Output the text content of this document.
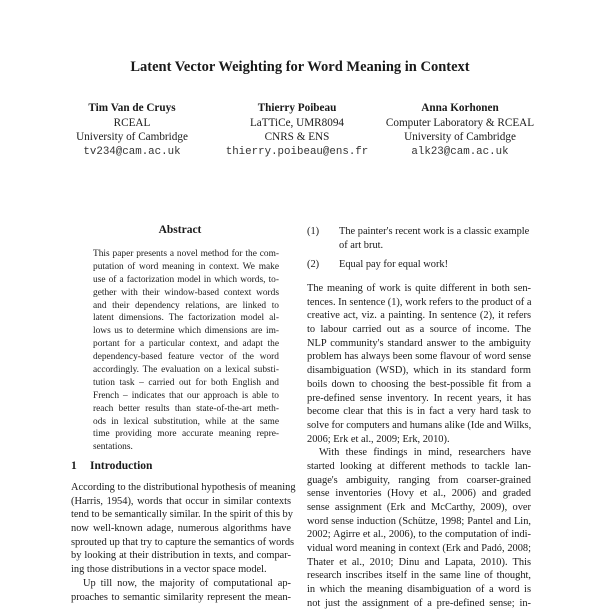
Latent Vector Weighting for Word Meaning in Context
Tim Van de Cruys
RCEAL
University of Cambridge
tv234@cam.ac.uk
Thierry Poibeau
LaTTiCe, UMR8094
CNRS & ENS
thierry.poibeau@ens.fr
Anna Korhonen
Computer Laboratory & RCEAL
University of Cambridge
alk23@cam.ac.uk
Abstract
This paper presents a novel method for the com-
putation of word meaning in context. We make
use of a factorization model in which words, to-
gether with their window-based context words
and their dependency relations, are linked to
latent dimensions. The factorization model al-
lows us to determine which dimensions are im-
portant for a particular context, and adapt the
dependency-based feature vector of the word
accordingly. The evaluation on a lexical substi-
tution task – carried out for both English and
French – indicates that our approach is able to
reach better results than state-of-the-art meth-
ods in lexical substitution, while at the same
time providing more accurate meaning repre-
sentations.
1 Introduction
According to the distributional hypothesis of meaning
(Harris, 1954), words that occur in similar contexts
tend to be semantically similar. In the spirit of this by
now well-known adage, numerous algorithms have
sprouted up that try to capture the semantics of words
by looking at their distribution in texts, and compar-
ing those distributions in a vector space model.
Up till now, the majority of computational ap-
proaches to semantic similarity represent the mean-
(1) The painter's recent work is a classic example
of art brut.
(2) Equal pay for equal work!
The meaning of work is quite different in both sen-
tences. In sentence (1), work refers to the product of a
creative act, viz. a painting. In sentence (2), it refers
to labour carried out as a source of income. The
NLP community's standard answer to the ambiguity
problem has always been some flavour of word sense
disambiguation (WSD), which in its standard form
boils down to choosing the best-possible fit from a
pre-defined sense inventory. In recent years, it has
become clear that this is in fact a very hard task to
solve for computers and humans alike (Ide and Wilks,
2006; Erk et al., 2009; Erk, 2010).
With these findings in mind, researchers have
started looking at different methods to tackle lan-
guage's ambiguity, ranging from coarser-grained
sense inventories (Hovy et al., 2006) and graded
sense assignment (Erk and McCarthy, 2009), over
word sense induction (Schütze, 1998; Pantel and Lin,
2002; Agirre et al., 2006), to the computation of indi-
vidual word meaning in context (Erk and Padó, 2008;
Thater et al., 2010; Dinu and Lapata, 2010). This
research inscribes itself in the same line of thought,
in which the meaning disambiguation of a word is
not just the assignment of a pre-defined sense; in-
